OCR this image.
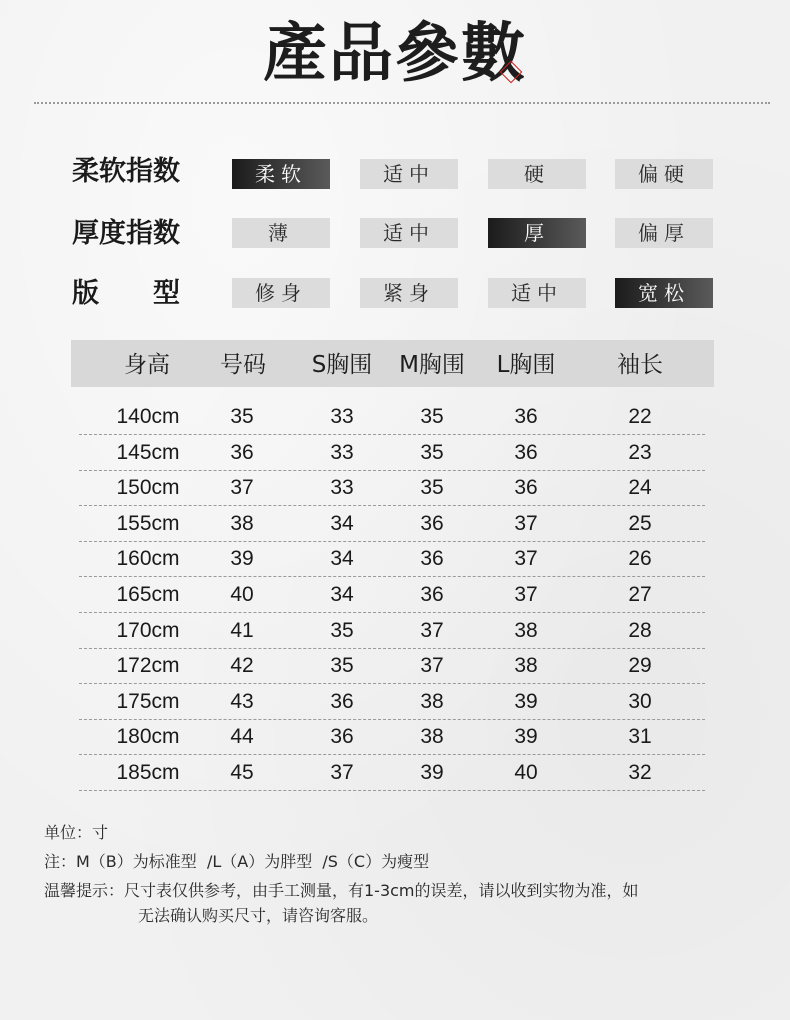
產品參數
柔软指数	柔软	适中	硬	偏硬
厚度指数	薄	适中	厚	偏厚
版　　型	修身	紧身	适中	宽松
身高 号码 S胸围 M胸围 L胸围	袖长
140cm 35	33	35	36	22
145cm 36	33	35	36	23
150cm 37	33	35	36	24
155cm 38	34	36	37	25
160cm 39	34	36	37	26
165cm 40	34	36	37	27
170cm 41	35	37	38	28
172cm 42	35	37	38	29
175cm 43	36	38	39	30
180cm 44	36	38	39	31
185cm 45	37	39	40	32
单位：寸
注：M（B）为标准型  /L（A）为胖型  /S（C）为瘦型
温馨提示：尺寸表仅供参考，由手工测量，有1-3cm的误差，请以收到实物为准，如
无法确认购买尺寸，请咨询客服。
